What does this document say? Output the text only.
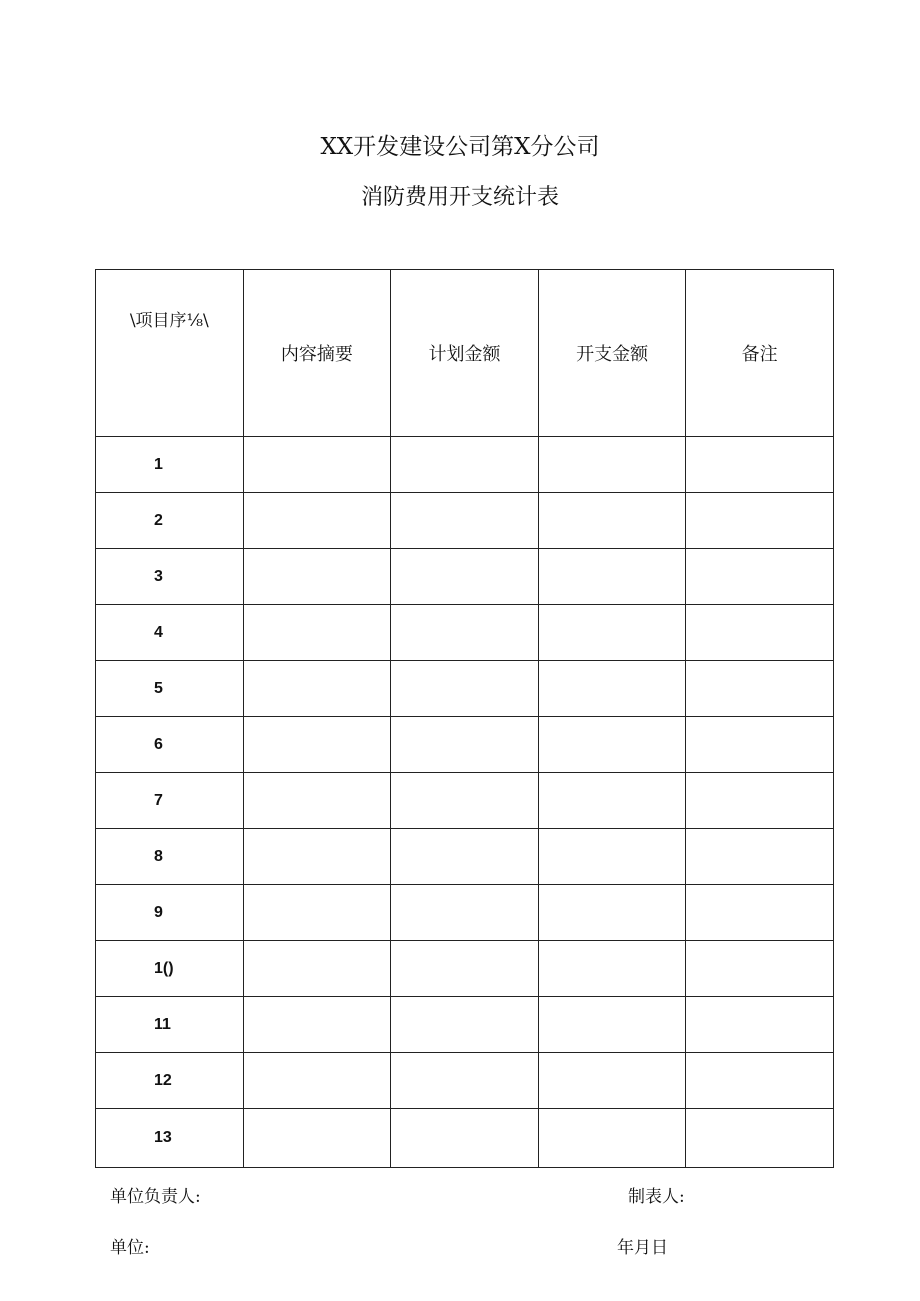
XX开发建设公司第X分公司
消防费用开支统计表
\项目序⅛\	内容摘要	计划金额	开支金额	备注
1				
2				
3				
4				
5				
6				
7				
8				
9				
1()				
11				
12				
13				
单位负责人:	制表人:
单位:	年月日
